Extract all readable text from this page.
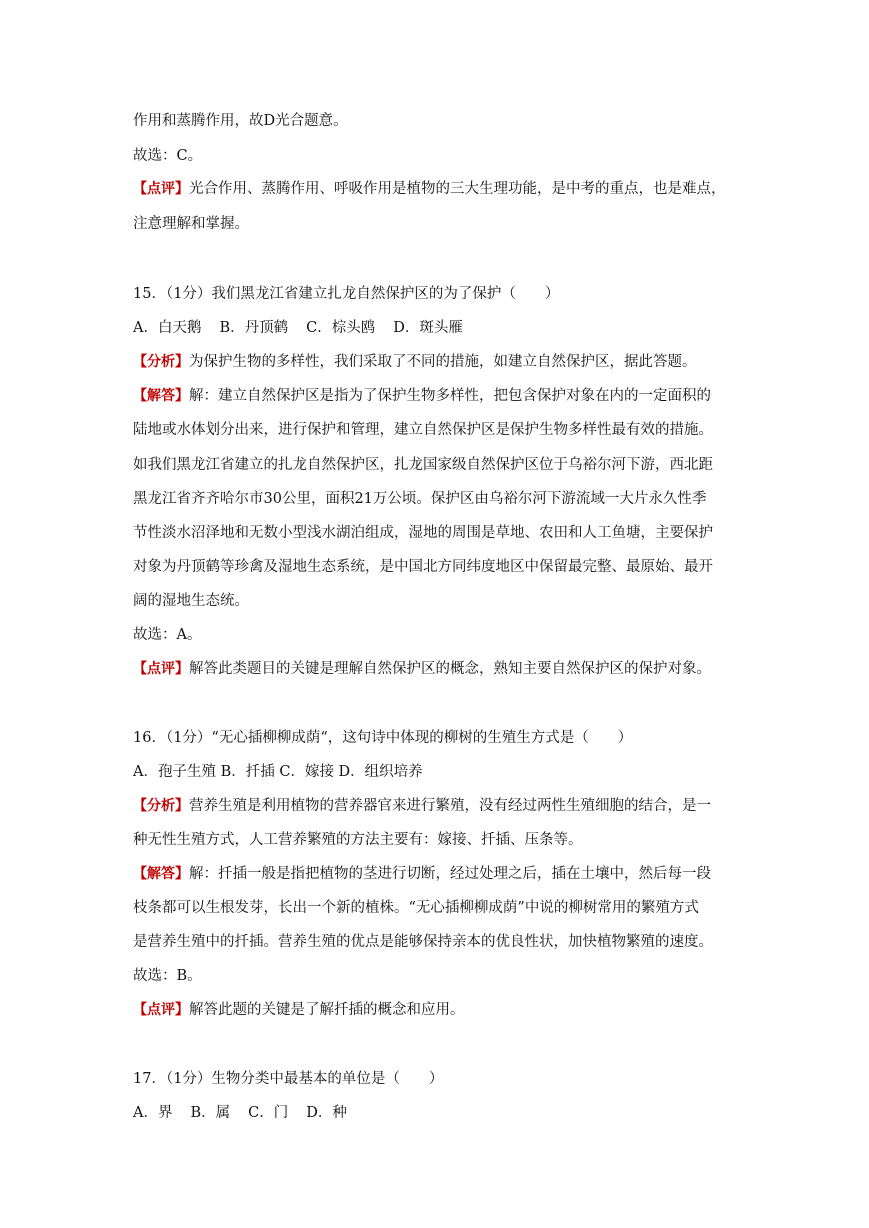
作用和蒸腾作用，故D光合题意。
故选：C。
【点评】光合作用、蒸腾作用、呼吸作用是植物的三大生理功能，是中考的重点，也是难点，
注意理解和掌握。
15．（1分）我们黑龙江省建立扎龙自然保护区的为了保护（　　）
A．白天鹅 B．丹顶鹤 C．棕头鸥 D．斑头雁
【分析】为保护生物的多样性，我们采取了不同的措施，如建立自然保护区，据此答题。
【解答】解：建立自然保护区是指为了保护生物多样性，把包含保护对象在内的一定面积的
陆地或水体划分出来，进行保护和管理，建立自然保护区是保护生物多样性最有效的措施。
如我们黑龙江省建立的扎龙自然保护区，扎龙国家级自然保护区位于乌裕尔河下游，西北距
黑龙江省齐齐哈尔市30公里，面积21万公顷。保护区由乌裕尔河下游流域一大片永久性季
节性淡水沼泽地和无数小型浅水湖泊组成，湿地的周围是草地、农田和人工鱼塘，主要保护
对象为丹顶鹤等珍禽及湿地生态系统，是中国北方同纬度地区中保留最完整、最原始、最开
阔的湿地生态统。
故选：A。
【点评】解答此类题目的关键是理解自然保护区的概念，熟知主要自然保护区的保护对象。
16．（1分）“无心插柳柳成荫“，这句诗中体现的柳树的生殖生方式是（　　）
A．孢子生殖 B．扦插 C．嫁接 D．组织培养
【分析】营养生殖是利用植物的营养器官来进行繁殖，没有经过两性生殖细胞的结合，是一
种无性生殖方式，人工营养繁殖的方法主要有：嫁接、扦插、压条等。
【解答】解：扦插一般是指把植物的茎进行切断，经过处理之后，插在土壤中，然后每一段
枝条都可以生根发芽，长出一个新的植株。“无心插柳柳成荫”中说的柳树常用的繁殖方式
是营养生殖中的扦插。营养生殖的优点是能够保持亲本的优良性状，加快植物繁殖的速度。
故选：B。
【点评】解答此题的关键是了解扦插的概念和应用。
17．（1分）生物分类中最基本的单位是（　　）
A．界 B．属 C．门 D．种
